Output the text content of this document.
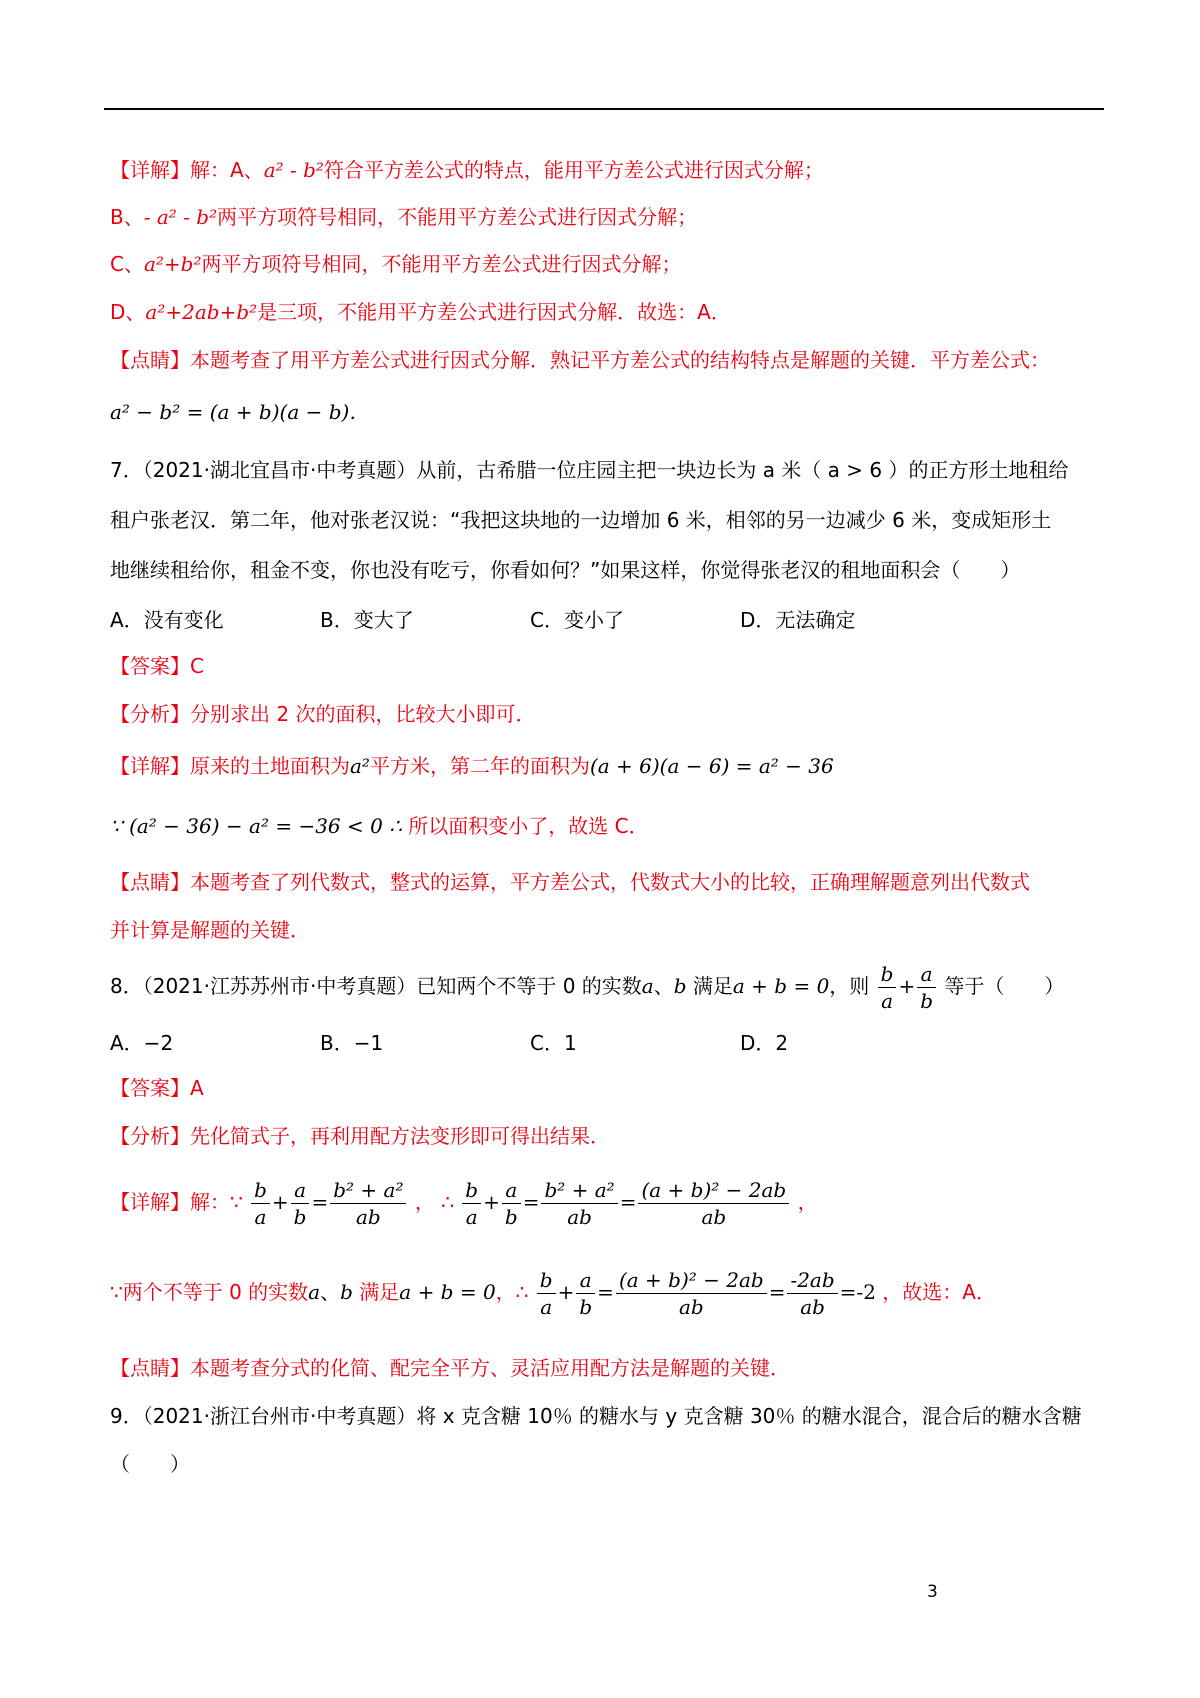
【详解】解：A、a² - b²符合平方差公式的特点，能用平方差公式进行因式分解；
B、- a² - b²两平方项符号相同，不能用平方差公式进行因式分解；
C、a²+b²两平方项符号相同，不能用平方差公式进行因式分解；
D、a²+2ab+b²是三项，不能用平方差公式进行因式分解．故选：A．
【点睛】本题考查了用平方差公式进行因式分解．熟记平方差公式的结构特点是解题的关键．平方差公式：
a² − b² = (a + b)(a − b)．
7．（2021·湖北宜昌市·中考真题）从前，古希腊一位庄园主把一块边长为 a 米（ a > 6 ）的正方形土地租给
租户张老汉．第二年，他对张老汉说：“我把这块地的一边增加 6 米，相邻的另一边减少 6 米，变成矩形土
地继续租给你，租金不变，你也没有吃亏，你看如何？”如果这样，你觉得张老汉的租地面积会（　　）
A．没有变化	B．变大了	C．变小了	D．无法确定
【答案】C
【分析】分别求出 2 次的面积，比较大小即可．
【详解】原来的土地面积为a²平方米，第二年的面积为(a + 6)(a − 6) = a² − 36
∵ (a² − 36) − a² = −36 < 0 ∴ 所以面积变小了，故选 C．
【点睛】本题考查了列代数式，整式的运算，平方差公式，代数式大小的比较，正确理解题意列出代数式
并计算是解题的关键．
8．（2021·江苏苏州市·中考真题）已知两个不等于 0 的实数a、b 满足a + b = 0，则 $\frac{b}{a} + \frac{a}{b}$ 等于（　　）
A．−2	B．−1	C．1	D．2
【答案】A
【分析】先化简式子，再利用配方法变形即可得出结果．
【详解】解：∵ $\frac{b}{a} + \frac{a}{b} = \frac{\text{b² + a²}}{ab}$ ， ∴ $\frac{b}{a} + \frac{a}{b} = \frac{\text{b² + a²}}{ab} = \frac{\text{(a + b)² − 2ab}}{ab}$ ，
∵两个不等于 0 的实数a、b 满足a + b = 0，∴ $\frac{b}{a} + \frac{a}{b} = \frac{\text{(a + b)² − 2ab}}{ab} = \frac{-2ab}{ab} =-2$ ，故选：A．
【点睛】本题考查分式的化简、配完全平方、灵活应用配方法是解题的关键．
9．（2021·浙江台州市·中考真题）将 x 克含糖 10％ 的糖水与 y 克含糖 30％ 的糖水混合，混合后的糖水含糖
（　　）
3
